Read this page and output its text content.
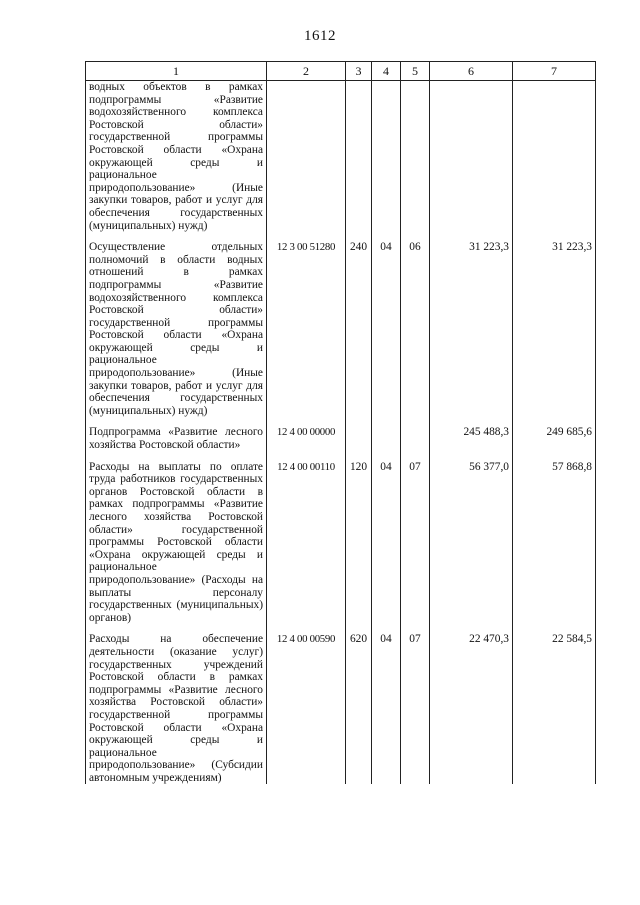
1612
1	2	3	4	5	6	7
водных объектов в рамках подпрограммы «Развитие водохозяйственного комплекса Ростовской области» государственной программы Ростовской области «Охрана окружающей среды и рациональное природопользование» (Иные закупки товаров, работ и услуг для обеспечения государственных (муниципальных) нужд)						

Осуществление отдельных полномочий в области водных отношений в рамках подпрограммы «Развитие водохозяйственного комплекса Ростовской области» государственной программы Ростовской области «Охрана окружающей среды и рациональное природопользование» (Иные закупки товаров, работ и услуг для обеспечения государственных (муниципальных) нужд)	12 3 00 51280	240	04	06	31 223,3	31 223,3

Подпрограмма «Развитие лесного хозяйства Ростовской области»	12 4 00 00000				245 488,3	249 685,6

Расходы на выплаты по оплате труда работников государственных органов Ростовской области в рамках подпрограммы «Развитие лесного хозяйства Ростовской области» государственной программы Ростовской области «Охрана окружающей среды и рациональное природопользование» (Расходы на выплаты персоналу государственных (муниципальных) органов)	12 4 00 00110	120	04	07	56 377,0	57 868,8

Расходы на обеспечение деятельности (оказание услуг) государственных учреждений Ростовской области в рамках подпрограммы «Развитие лесного хозяйства Ростовской области» государственной программы Ростовской области «Охрана окружающей среды и рациональное природопользование» (Субсидии автономным учреждениям)	12 4 00 00590	620	04	07	22 470,3	22 584,5
